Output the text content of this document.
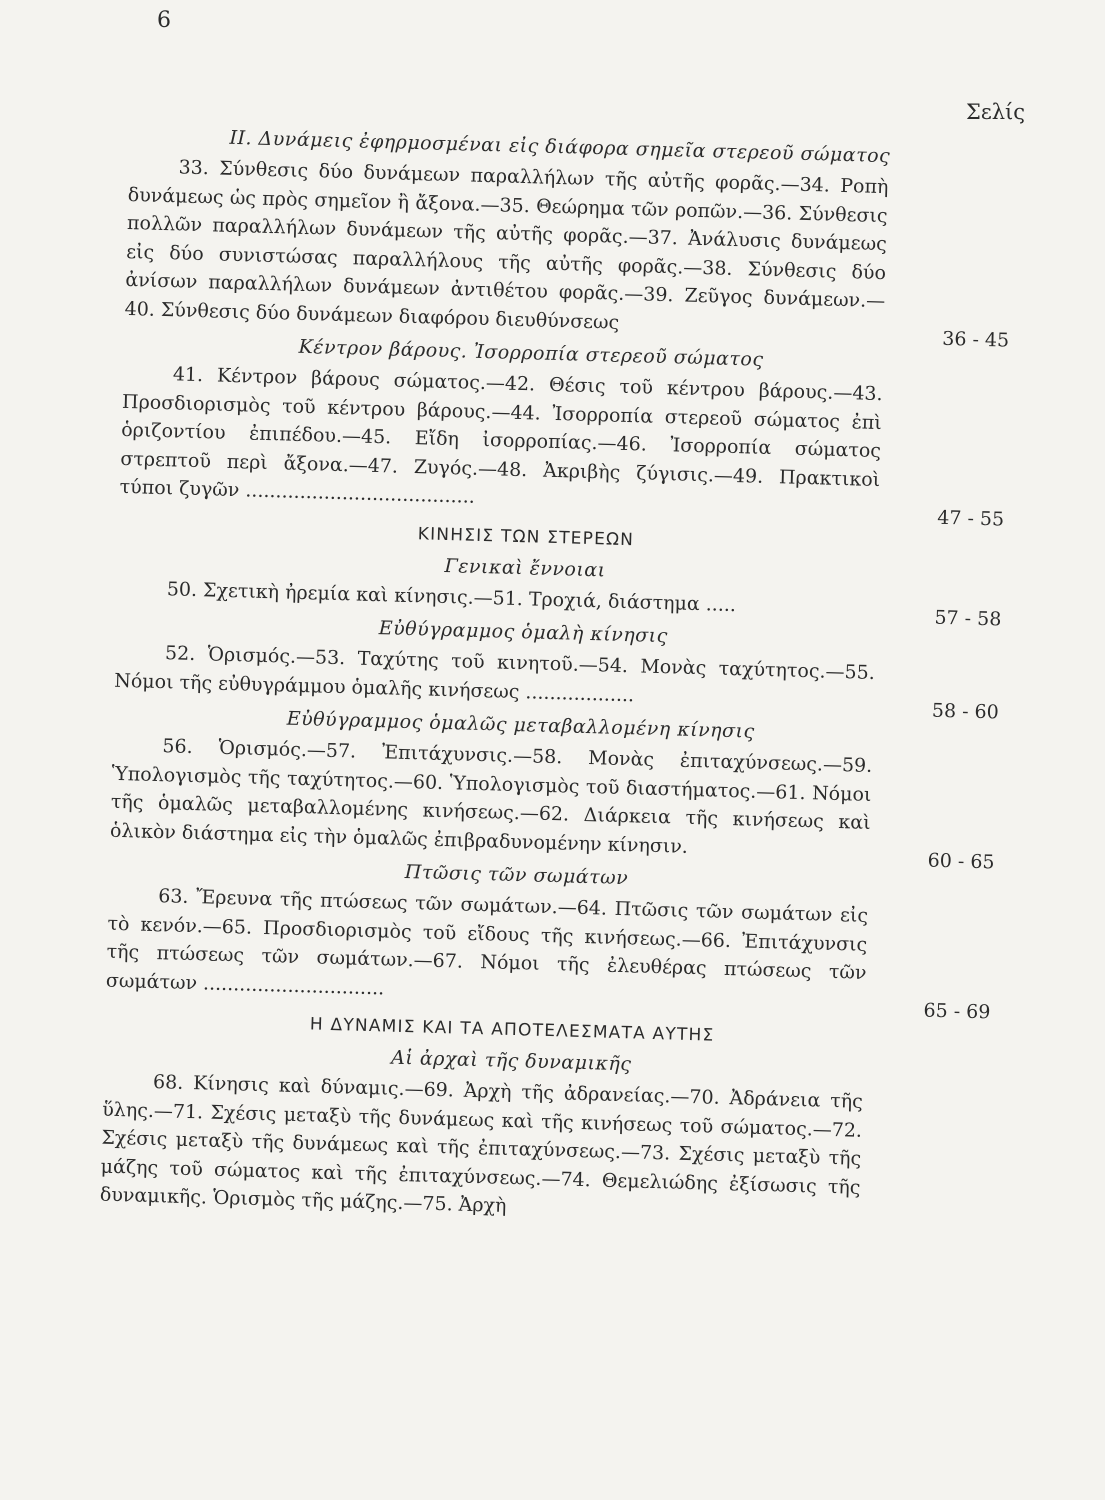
6
Σελίς
ΙΙ. Δυνάμεις ἐφηρμοσμέναι εἰς διάφορα σημεῖα στερεοῦ σώματος
33. Σύνθεσις δύο δυνάμεων παραλλήλων τῆς αὐτῆς φορᾶς.—34. Ροπὴ δυνάμεως ὡς πρὸς σημεῖον ἢ ἄξονα.—35. Θεώρημα τῶν ροπῶν.—36. Σύνθεσις πολλῶν παραλλήλων δυνάμεων τῆς αὐτῆς φορᾶς.—37. Ἀνάλυσις δυνάμεως εἰς δύο συνιστώσας παραλλήλους τῆς αὐτῆς φορᾶς.—38. Σύνθεσις δύο ἀνίσων παραλλήλων δυνάμεων ἀντιθέτου φορᾶς.—39. Ζεῦγος δυνάμεων.—40. Σύνθεσις δύο δυνάμεων διαφόρου διευθύνσεως
36 - 45
Κέντρον βάρους. Ἰσορροπία στερεοῦ σώματος
41. Κέντρον βάρους σώματος.—42. Θέσις τοῦ κέντρου βάρους.—43. Προσδιορισμὸς τοῦ κέντρου βάρους.—44. Ἰσορροπία στερεοῦ σώματος ἐπὶ ὁριζοντίου ἐπιπέδου.—45. Εἴδη ἰσορροπίας.—46. Ἰσορροπία σώματος στρεπτοῦ περὶ ἄξονα.—47. Ζυγός.—48. Ἀκριβὴς ζύγισις.—49. Πρακτικοὶ τύποι ζυγῶν ......................................
47 - 55
ΚΙΝΗΣΙΣ ΤΩΝ ΣΤΕΡΕΩΝ
Γενικαὶ ἔννοιαι
50. Σχετικὴ ἠρεμία καὶ κίνησις.—51. Τροχιά, διάστημα .....
57 - 58
Εὐθύγραμμος ὁμαλὴ κίνησις
52. Ὁρισμός.—53. Ταχύτης τοῦ κινητοῦ.—54. Μονὰς ταχύτητος.—55. Νόμοι τῆς εὐθυγράμμου ὁμαλῆς κινήσεως ..................
58 - 60
Εὐθύγραμμος ὁμαλῶς μεταβαλλομένη κίνησις
56. Ὁρισμός.—57. Ἐπιτάχυνσις.—58. Μονὰς ἐπιταχύνσεως.—59. Ὑπολογισμὸς τῆς ταχύτητος.—60. Ὑπολογισμὸς τοῦ διαστήματος.—61. Νόμοι τῆς ὁμαλῶς μεταβαλλομένης κινήσεως.—62. Διάρκεια τῆς κινήσεως καὶ ὁλικὸν διάστημα εἰς τὴν ὁμαλῶς ἐπιβραδυνομένην κίνησιν.
60 - 65
Πτῶσις τῶν σωμάτων
63. Ἔρευνα τῆς πτώσεως τῶν σωμάτων.—64. Πτῶσις τῶν σωμάτων εἰς τὸ κενόν.—65. Προσδιορισμὸς τοῦ εἴδους τῆς κινήσεως.—66. Ἐπιτάχυνσις τῆς πτώσεως τῶν σωμάτων.—67. Νόμοι τῆς ἐλευθέρας πτώσεως τῶν σωμάτων ..............................
65 - 69
Η ΔΥΝΑΜΙΣ ΚΑΙ ΤΑ ΑΠΟΤΕΛΕΣΜΑΤΑ ΑΥΤΗΣ
Αἱ ἀρχαὶ τῆς δυναμικῆς
68. Κίνησις καὶ δύναμις.—69. Ἀρχὴ τῆς ἀδρανείας.—70. Ἀδράνεια τῆς ὕλης.—71. Σχέσις μεταξὺ τῆς δυνάμεως καὶ τῆς κινήσεως τοῦ σώματος.—72. Σχέσις μεταξὺ τῆς δυνάμεως καὶ τῆς ἐπιταχύνσεως.—73. Σχέσις μεταξὺ τῆς μάζης τοῦ σώματος καὶ τῆς ἐπιταχύνσεως.—74. Θεμελιώδης ἐξίσωσις τῆς δυναμικῆς. Ὁρισμὸς τῆς μάζης.—75. Ἀρχὴ
